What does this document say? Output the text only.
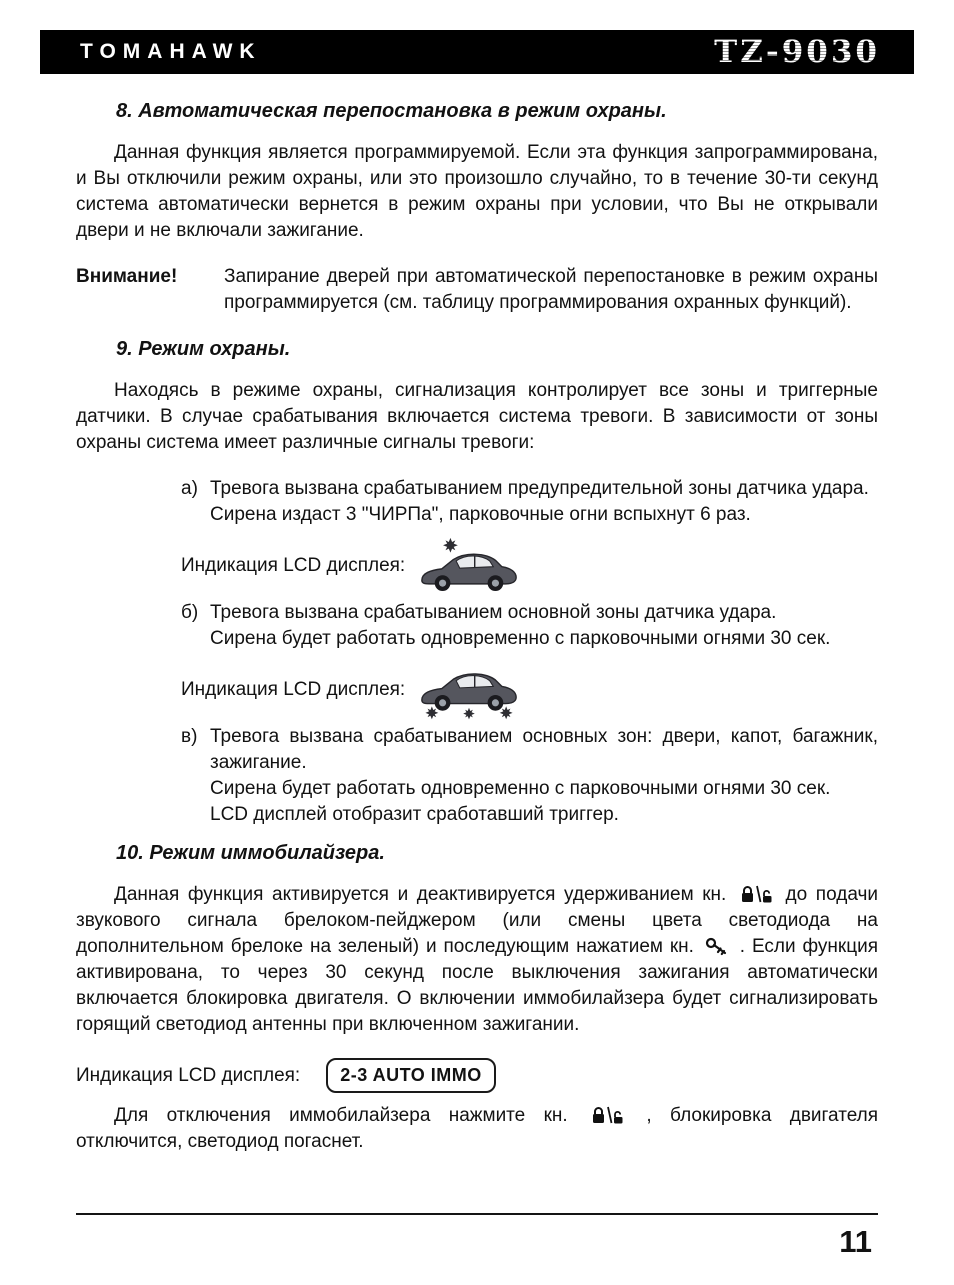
TOMAHAWK	TZ-9030
8. Автоматическая перепостановка в режим охраны.

Данная функция является программируемой. Если эта функция запрограммирована, и Вы отключили режим охраны, или это произошло случайно, то в течение 30-ти секунд система автоматически вернется в режим охраны при условии, что Вы не открывали двери и не включали зажигание.

Внимание!	Запирание дверей при автоматической перепостановке в режим охраны программируется (см. таблицу программирования охранных функций).

9. Режим охраны.

Находясь в режиме охраны, сигнализация контролирует все зоны и триггерные датчики. В случае срабатывания включается система тревоги. В зависимости от зоны охраны система имеет различные сигналы тревоги:

а) Тревога вызвана срабатыванием предупредительной зоны датчика удара.
Сирена издаст 3 "ЧИРПа", парковочные огни вспыхнут 6 раз.
Индикация LCD дисплея:
б) Тревога вызвана срабатыванием основной зоны датчика удара.
Сирена будет работать одновременно с парковочными огнями 30 сек.
Индикация LCD дисплея:
в) Тревога вызвана срабатыванием основных зон: двери, капот, багажник, зажигание.
Сирена будет работать одновременно с парковочными огнями 30 сек.
LCD дисплей отобразит сработавший триггер.
10. Режим иммобилайзера.

Данная функция активируется и деактивируется удерживанием кн.	до подачи звукового сигнала брелоком-пейджером (или смены цвета светодиода на дополнительном брелоке на зеленый) и последующим нажатием кн. . Если функция активирована, то через 30 секунд после выключения зажигания автоматически включается блокировка двигателя. О включении иммобилайзера будет сигнализировать горящий светодиод антенны при включенном зажигании.

Индикация LCD дисплея:	2-3 AUTO IMMO

Для отключения иммобилайзера нажмите кн.	, блокировка двигателя отключится, светодиод погаснет.

11
